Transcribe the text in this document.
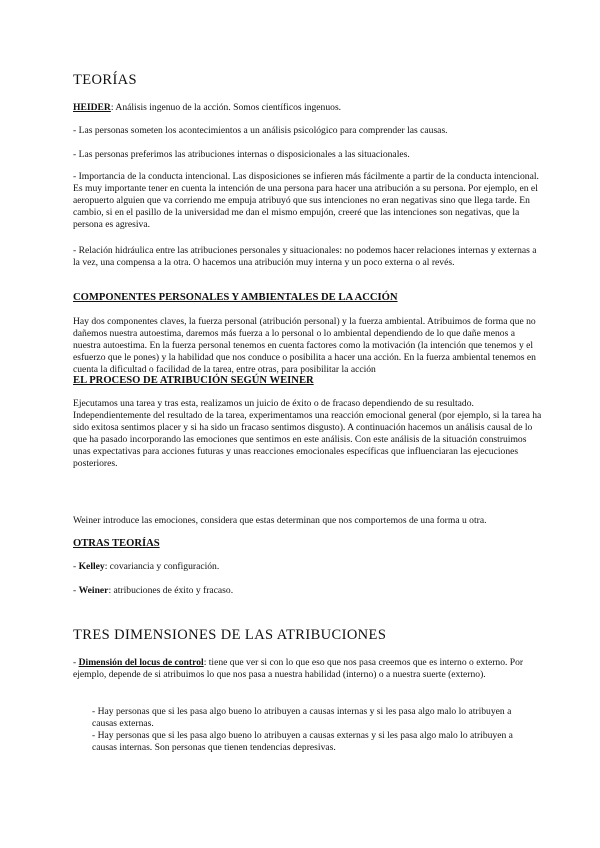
TEORÍAS

HEIDER: Análisis ingenuo de la acción. Somos científicos ingenuos.

- Las personas someten los acontecimientos a un análisis psicológico para comprender las causas.

- Las personas preferimos las atribuciones internas o disposicionales a las situacionales.

- Importancia de la conducta intencional. Las disposiciones se infieren más fácilmente a partir de la conducta intencional. Es muy importante tener en cuenta la intención de una persona para hacer una atribución a su persona. Por ejemplo, en el aeropuerto alguien que va corriendo me empuja atribuyó que sus intenciones no eran negativas sino que llega tarde. En cambio, si en el pasillo de la universidad me dan el mismo empujón, creeré que las intenciones son negativas, que la persona es agresiva.

- Relación hidráulica entre las atribuciones personales y situacionales: no podemos hacer relaciones internas y externas a la vez, una compensa a la otra. O hacemos una atribución muy interna y un poco externa o al revés.

COMPONENTES PERSONALES Y AMBIENTALES DE LA ACCIÓN

Hay dos componentes claves, la fuerza personal (atribución personal) y la fuerza ambiental. Atribuimos de forma que no dañemos nuestra autoestima, daremos más fuerza a lo personal o lo ambiental dependiendo de lo que dañe menos a nuestra autoestima. En la fuerza personal tenemos en cuenta factores como la motivación (la intención que tenemos y el esfuerzo que le pones) y la habilidad que nos conduce o posibilita a hacer una acción. En la fuerza ambiental tenemos en cuenta la dificultad o facilidad de la tarea, entre otras, para posibilitar la acción

EL PROCESO DE ATRIBUCIÓN SEGÚN WEINER

Ejecutamos una tarea y tras esta, realizamos un juicio de éxito o de fracaso dependiendo de su resultado. Independientemente del resultado de la tarea, experimentamos una reacción emocional general (por ejemplo, si la tarea ha sido exitosa sentimos placer y si ha sido un fracaso sentimos disgusto). A continuación hacemos un análisis causal de lo que ha pasado incorporando las emociones que sentimos en este análisis. Con este análisis de la situación construimos unas expectativas para acciones futuras y unas reacciones emocionales específicas que influenciaran las ejecuciones posteriores.

Weiner introduce las emociones, considera que estas determinan que nos comportemos de una forma u otra.

OTRAS TEORÍAS

- Kelley: covariancia y configuración.

- Weiner: atribuciones de éxito y fracaso.

TRES DIMENSIONES DE LAS ATRIBUCIONES

- Dimensión del locus de control: tiene que ver si con lo que eso que nos pasa creemos que es interno o externo. Por ejemplo, depende de si atribuimos lo que nos pasa a nuestra habilidad (interno) o a nuestra suerte (externo).

- Hay personas que si les pasa algo bueno lo atribuyen a causas internas y si les pasa algo malo lo atribuyen a causas externas.

- Hay personas que si les pasa algo bueno lo atribuyen a causas externas y si les pasa algo malo lo atribuyen a causas internas. Son personas que tienen tendencias depresivas.
